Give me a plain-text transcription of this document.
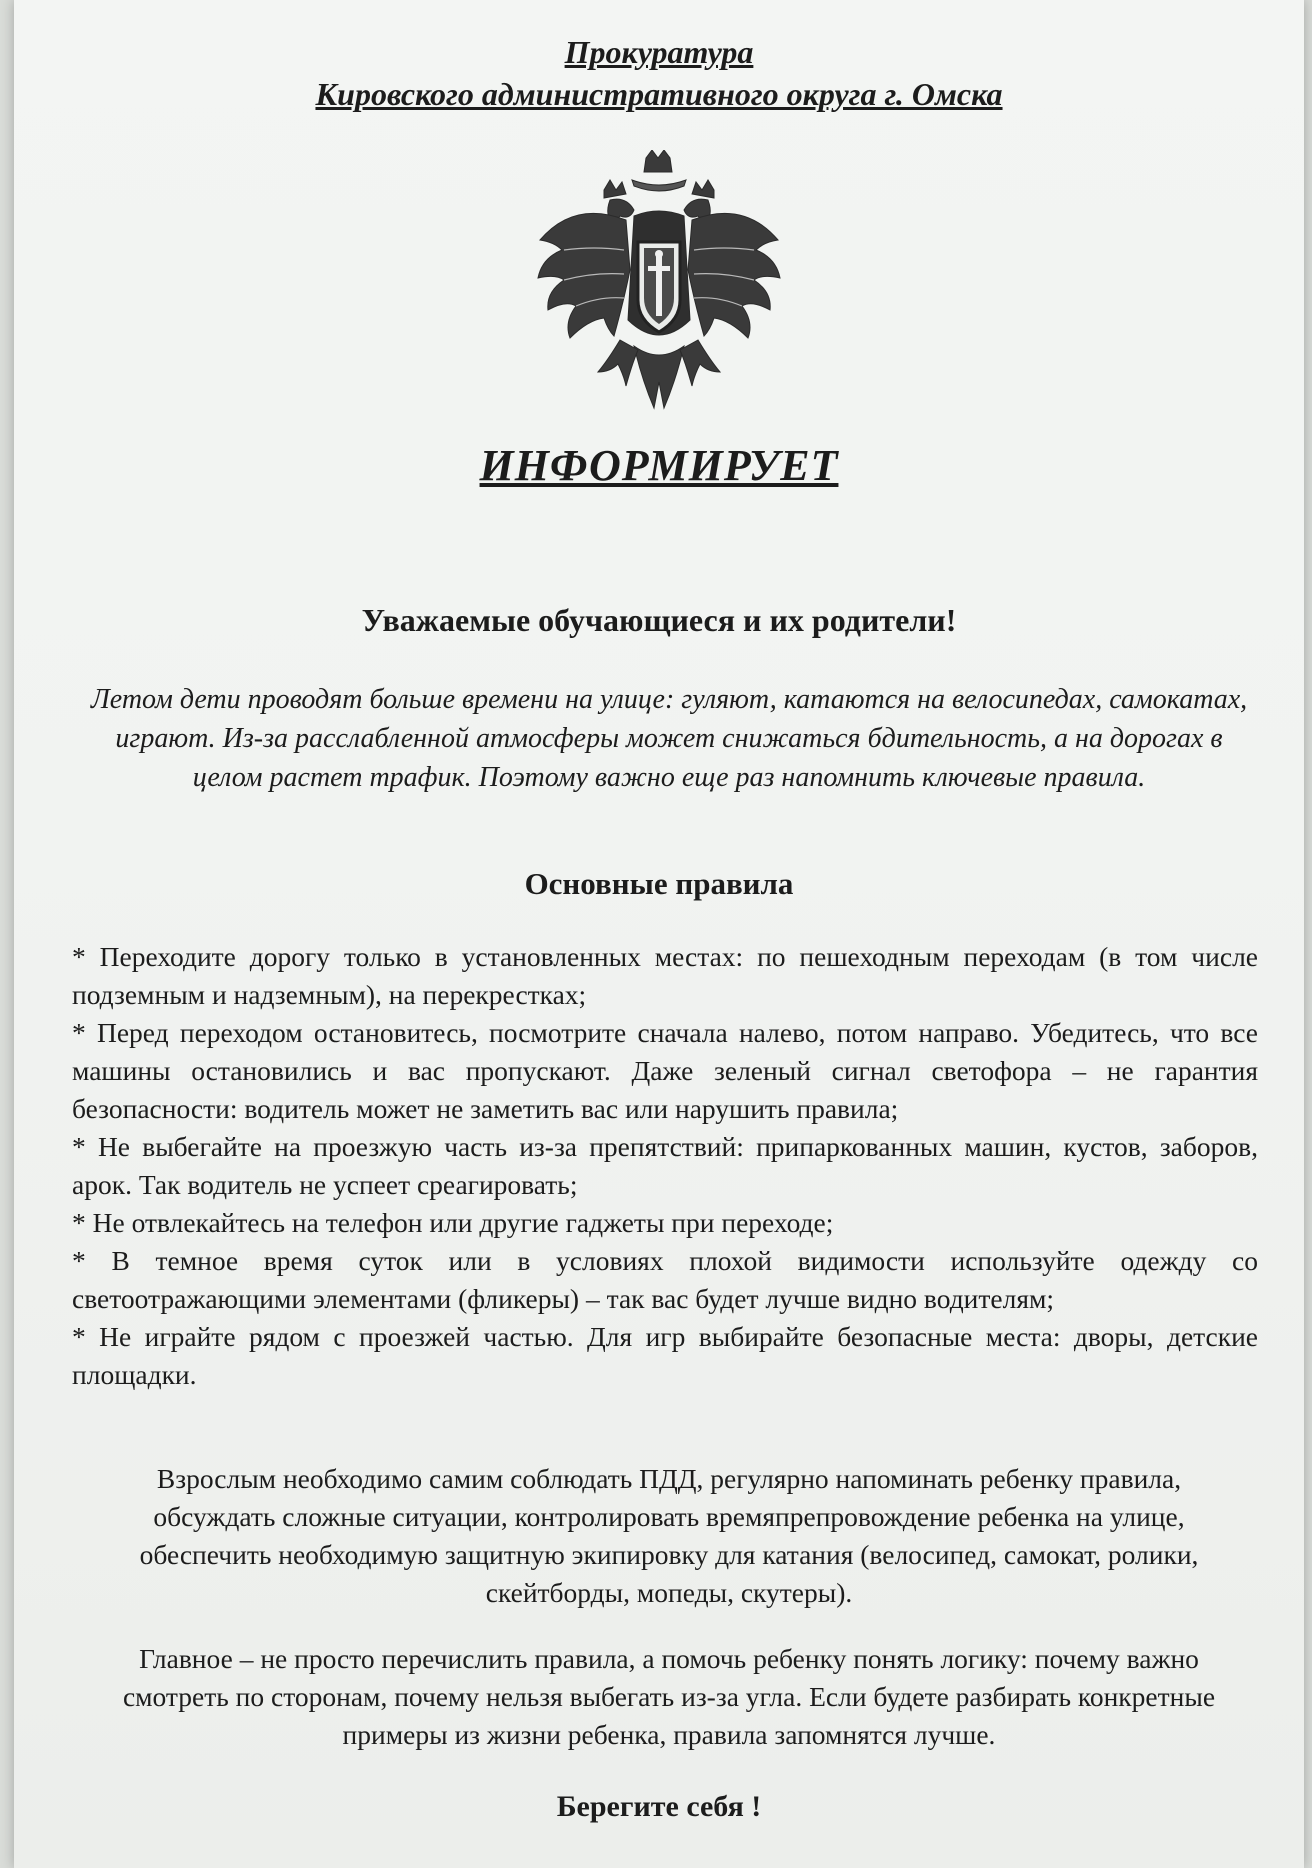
Прокуратура
Кировского административного округа г. Омска
ИНФОРМИРУЕТ
Уважаемые обучающиеся и их родители!

Летом дети проводят больше времени на улице: гуляют, катаются на велосипедах, самокатах, играют. Из-за расслабленной атмосферы может снижаться бдительность, а на дорогах в целом растет трафик. Поэтому важно еще раз напомнить ключевые правила.

Основные правила
* Переходите дорогу только в установленных местах: по пешеходным переходам (в том числе подземным и надземным), на перекрестках;
* Перед переходом остановитесь, посмотрите сначала налево, потом направо. Убедитесь, что все машины остановились и вас пропускают. Даже зеленый сигнал светофора – не гарантия безопасности: водитель может не заметить вас или нарушить правила;
* Не выбегайте на проезжую часть из-за препятствий: припаркованных машин, кустов, заборов, арок. Так водитель не успеет среагировать;
* Не отвлекайтесь на телефон или другие гаджеты при переходе;
* В темное время суток или в условиях плохой видимости используйте одежду со светоотражающими элементами (фликеры) – так вас будет лучше видно водителям;
* Не играйте рядом с проезжей частью. Для игр выбирайте безопасные места: дворы, детские площадки.

Взрослым необходимо самим соблюдать ПДД, регулярно напоминать ребенку правила, обсуждать сложные ситуации, контролировать времяпрепровождение ребенка на улице, обеспечить необходимую защитную экипировку для катания (велосипед, самокат, ролики, скейтборды, мопеды, скутеры).

Главное – не просто перечислить правила, а помочь ребенку понять логику: почему важно смотреть по сторонам, почему нельзя выбегать из-за угла. Если будете разбирать конкретные примеры из жизни ребенка, правила запомнятся лучше.

Берегите себя !
